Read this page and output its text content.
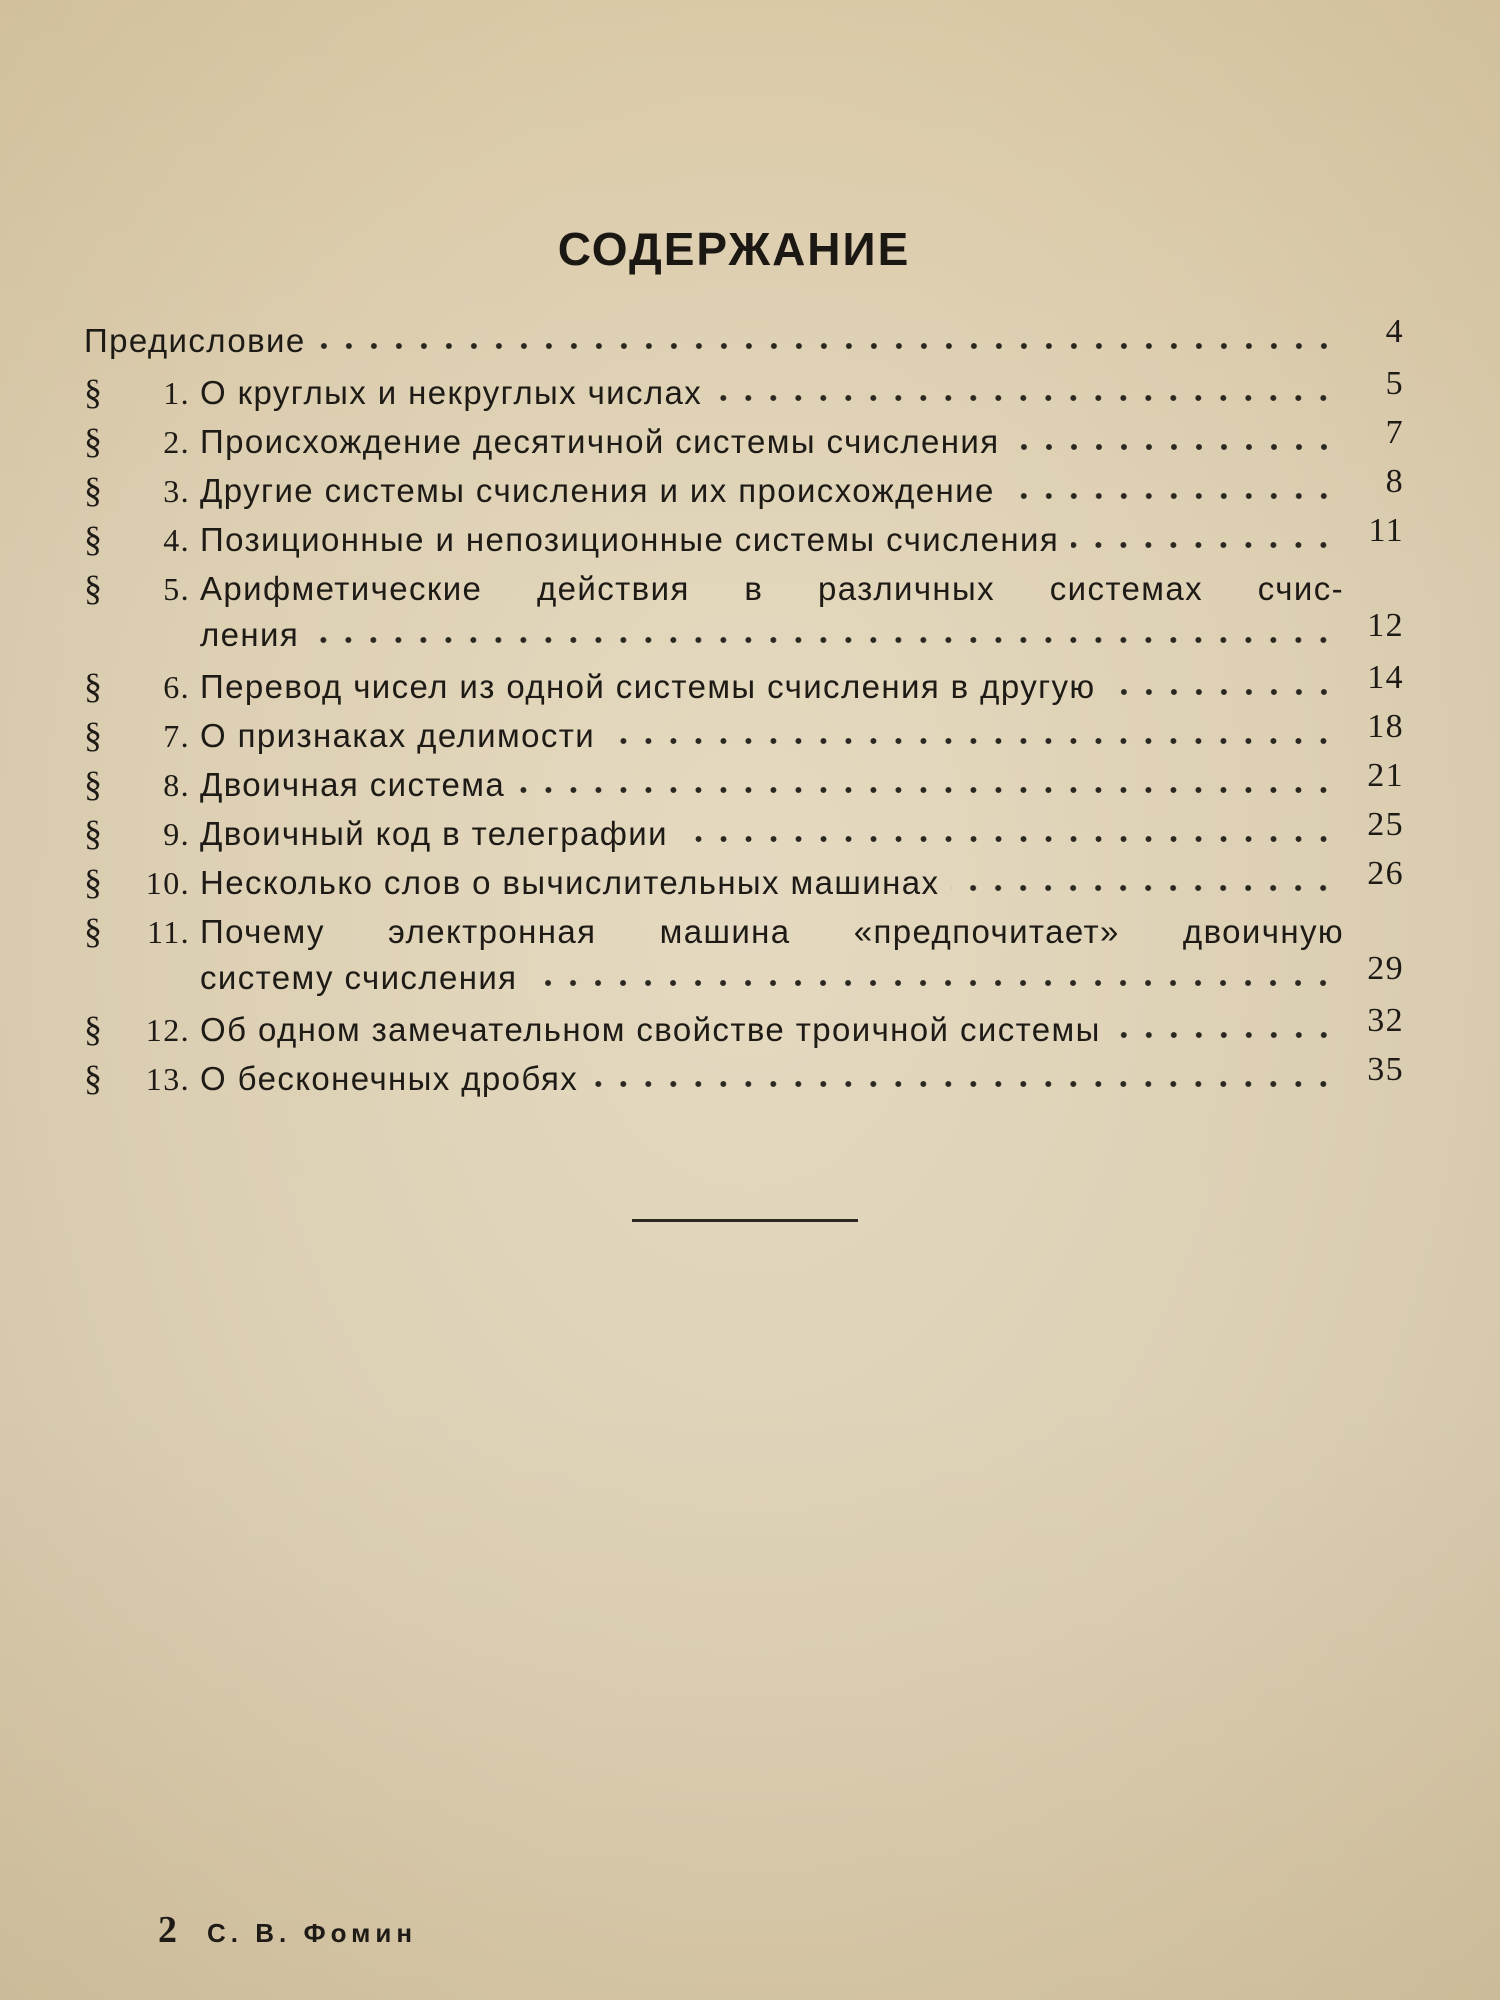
СОДЕРЖАНИЕ
Предисловие	4
§	1. О круглых и некруглых числах	5
§	2. Происхождение десятичной системы счисления	7
§	3. Другие системы счисления и их происхождение	8
§	4. Позиционные и непозиционные системы счисления	11
§	5. Арифметические действия в различных системах счис-
ления	12
§	6. Перевод чисел из одной системы счисления в другую	14
§	7. О признаках делимости	18
§	8. Двоичная система	21
§	9. Двоичный код в телеграфии	25
§	10. Несколько слов о вычислительных машинах	26
§	11. Почему электронная машина «предпочитает» двоичную
систему счисления	29
§	12. Об одном замечательном свойстве троичной системы	32
§	13. О бесконечных дробях	35
2 С. В. Фомин
